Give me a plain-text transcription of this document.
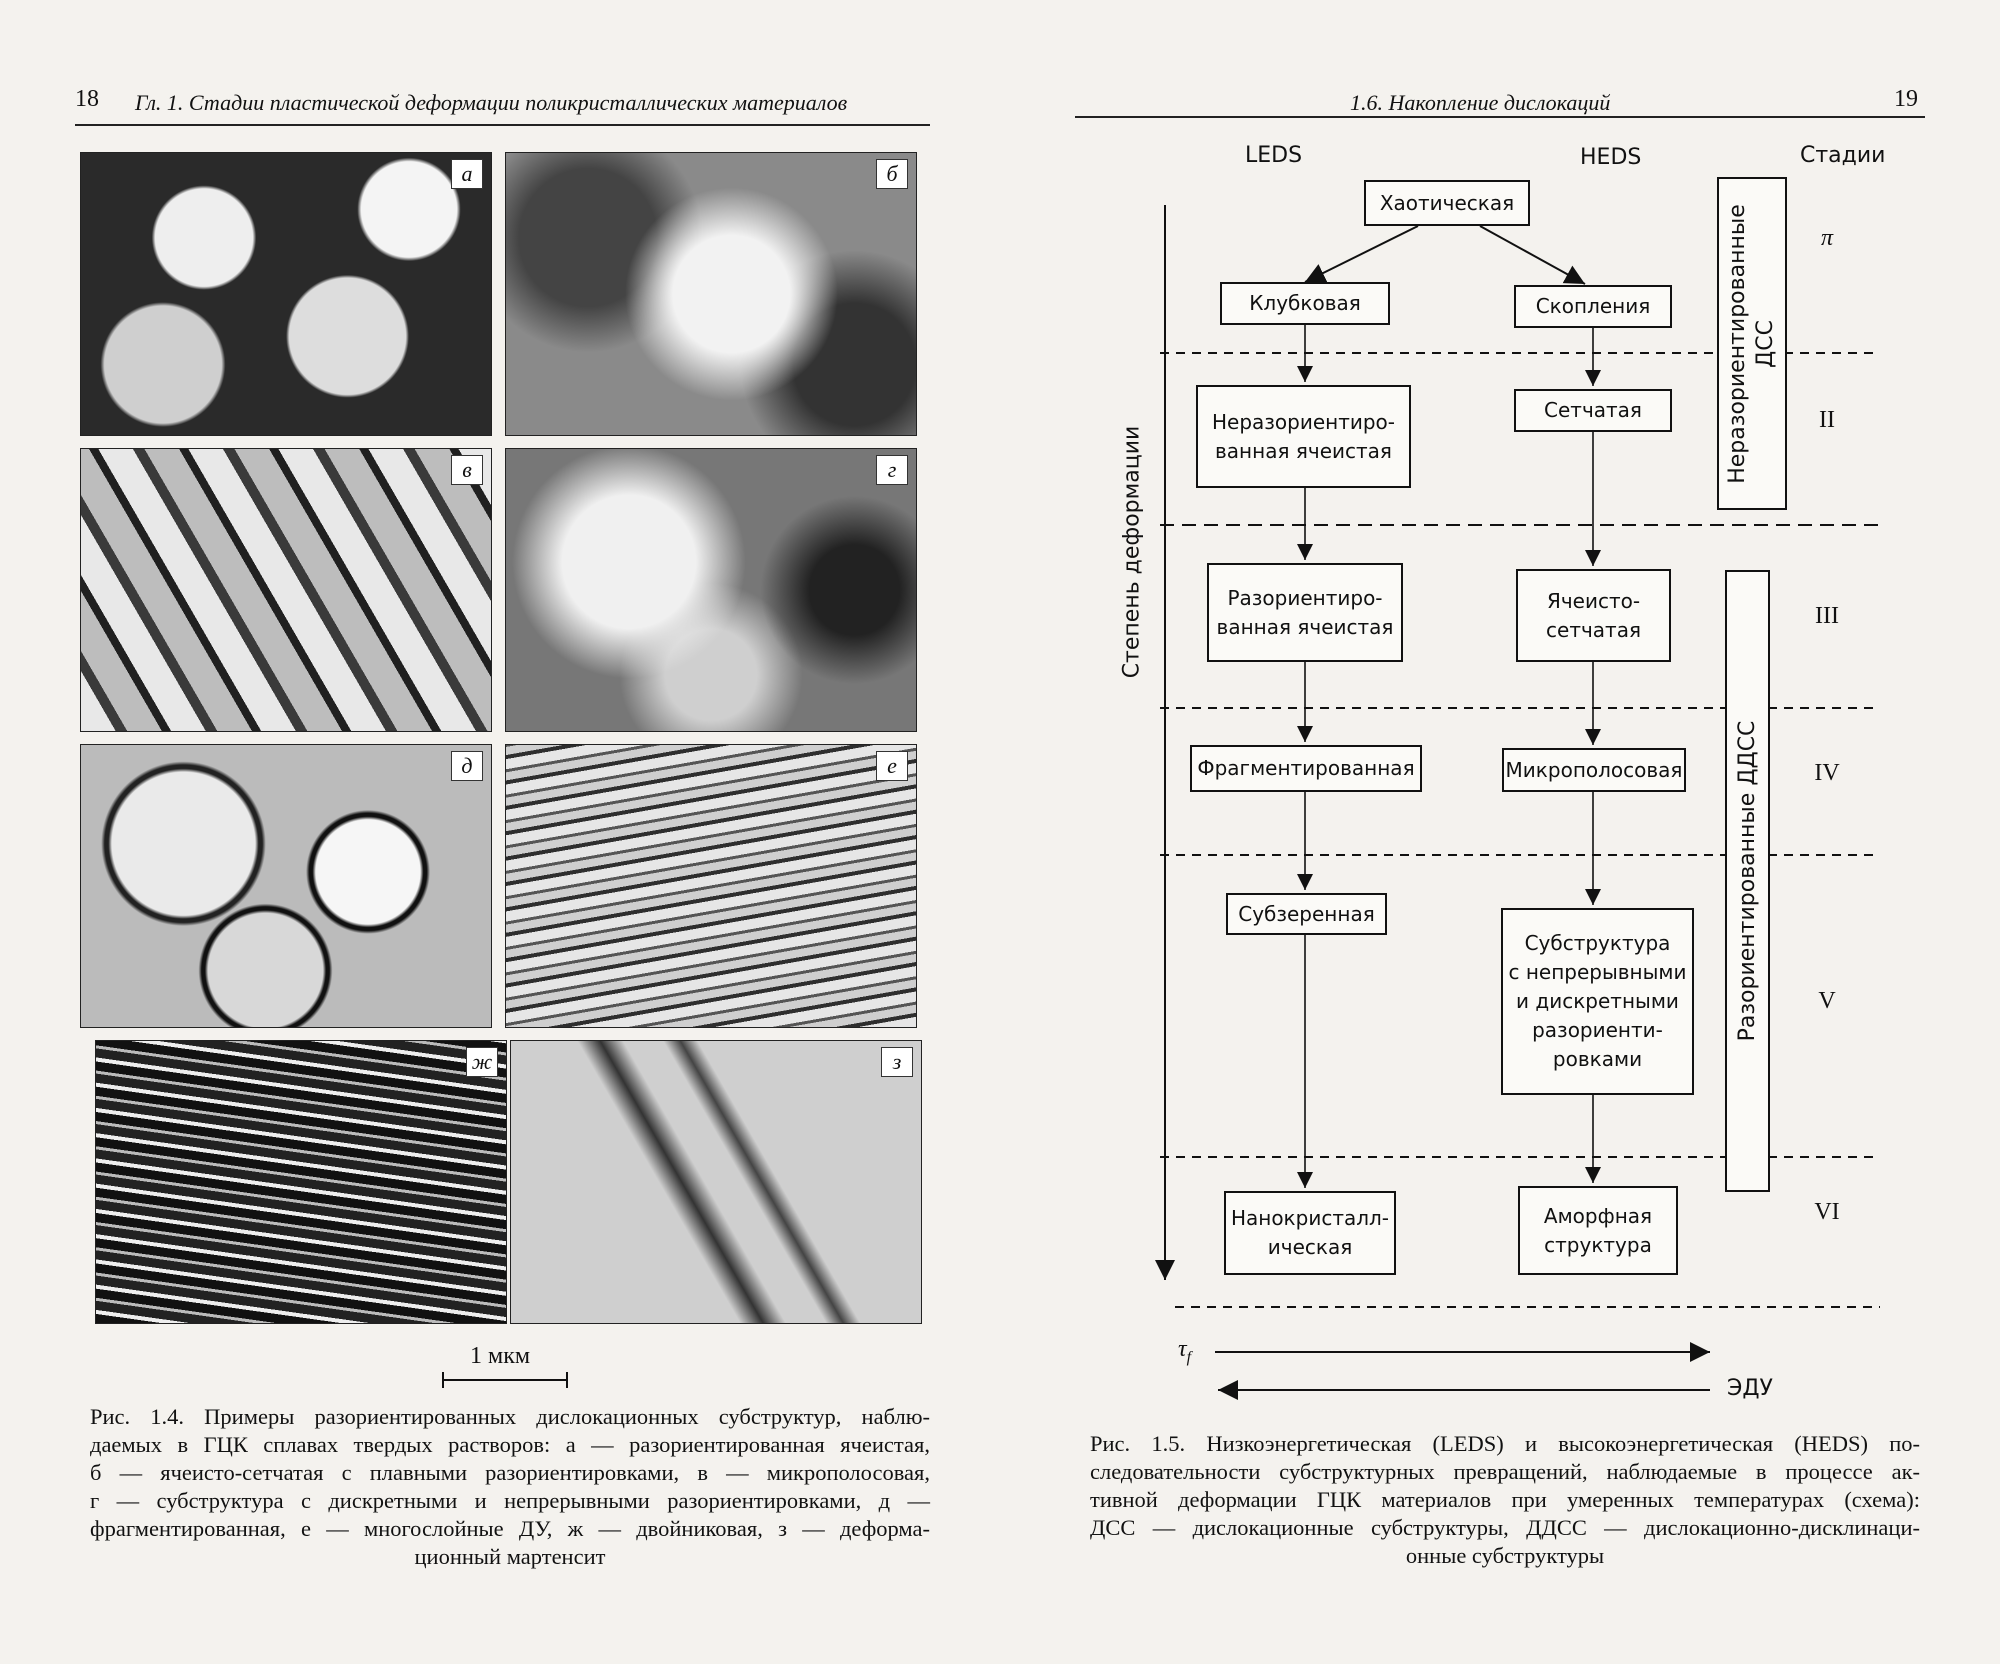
18 Гл. 1. Стадии пластической деформации поликристаллических материалов
а	б
в	г
д	е
ж	з
1 мкм
Рис. 1.4. Примеры разориентированных дислокационных субструктур, наблю-
даемых в ГЦК сплавах твердых растворов: а — разориентированная ячеистая,
б — ячеисто-сетчатая с плавными разориентировками, в — микрополосовая,
г — субструктура с дискретными и непрерывными разориентировками, д —
фрагментированная, е — многослойные ДУ, ж — двойниковая, з — деформа-
ционный мартенсит
1.6. Накопление дислокаций	19
LEDS	HEDS	Стадии
Степень деформации
Хаотическая
Клубковая
Неразориентиро-
ванная ячеистая
Разориентиро-
ванная ячеистая
Фрагментированная
Субзеренная
Нанокристалл-
ическая
Скопления
Сетчатая
Ячеисто-
сетчатая
Микрополосовая
Субструктура
с непрерывными
и дискретными
разориенти-
ровками
Аморфная
структура
Неразориентированные
ДСС
Разориентированные ДДСС
π
II
III
IV
V
VI
$\tau_f$
ЭДУ
Рис. 1.5. Низкоэнергетическая (LEDS) и высокоэнергетическая (HEDS) по-
следовательности субструктурных превращений, наблюдаемые в процессе ак-
тивной деформации ГЦК материалов при умеренных температурах (схема):
ДСС — дислокационные субструктуры, ДДСС — дислокационно-дисклинаци-
онные субструктуры
